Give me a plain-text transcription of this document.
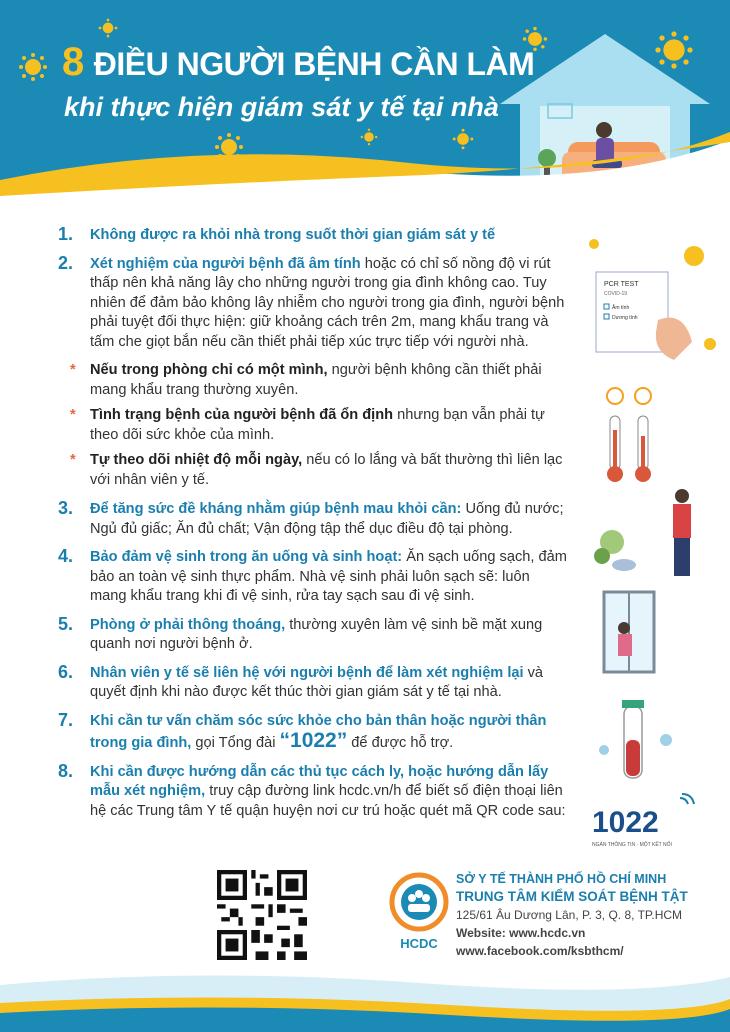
8 ĐIỀU NGƯỜI BỆNH CẦN LÀM
khi thực hiện giám sát y tế tại nhà
1. Không được ra khỏi nhà trong suốt thời gian giám sát y tế
2. Xét nghiệm của người bệnh đã âm tính hoặc có chỉ số nồng độ vi rút thấp nên khả năng lây cho những người trong gia đình không cao. Tuy nhiên để đảm bảo không lây nhiễm cho người trong gia đình, người bệnh phải tuyệt đối thực hiện: giữ khoảng cách trên 2m, mang khẩu trang và tấm che giọt bắn nếu cần thiết phải tiếp xúc trực tiếp với người nhà.
* Nếu trong phòng chỉ có một mình, người bệnh không cần thiết phải mang khẩu trang thường xuyên.
* Tình trạng bệnh của người bệnh đã ổn định nhưng bạn vẫn phải tự theo dõi sức khỏe của mình.
* Tự theo dõi nhiệt độ mỗi ngày, nếu có lo lắng và bất thường thì liên lạc với nhân viên y tế.
3. Để tăng sức đề kháng nhằm giúp bệnh mau khỏi cần: Uống đủ nước; Ngủ đủ giấc; Ăn đủ chất; Vận động tập thể dục điều độ tại phòng.
4. Bảo đảm vệ sinh trong ăn uống và sinh hoạt: Ăn sạch uống sạch, đảm bảo an toàn vệ sinh thực phẩm. Nhà vệ sinh phải luôn sạch sẽ: luôn mang khẩu trang khi đi vệ sinh, rửa tay sạch sau đi vệ sinh.
5. Phòng ở phải thông thoáng, thường xuyên làm vệ sinh bề mặt xung quanh nơi người bệnh ở.
6. Nhân viên y tế sẽ liên hệ với người bệnh để làm xét nghiệm lại và quyết định khi nào được kết thúc thời gian giám sát y tế tại nhà.
7. Khi cần tư vấn chăm sóc sức khỏe cho bản thân hoặc người thân trong gia đình, gọi Tổng đài “1022” để được hỗ trợ.
8. Khi cần được hướng dẫn các thủ tục cách ly, hoặc hướng dẫn lấy mẫu xét nghiệm, truy cập đường link hcdc.vn/h để biết số điện thoại liên hệ các Trung tâm Y tế quận huyện nơi cư trú hoặc quét mã QR code sau:
PCR TEST
COVID-19
Âm tính
Dương tính
1022
NGÀN THÔNG TIN · MỘT KẾT NỐI
HCDC
SỞ Y TẾ THÀNH PHỐ HỒ CHÍ MINH
TRUNG TÂM KIỂM SOÁT BỆNH TẬT
125/61 Âu Dương Lân, P. 3, Q. 8, TP.HCM
Website: www.hcdc.vn
www.facebook.com/ksbthcm/
